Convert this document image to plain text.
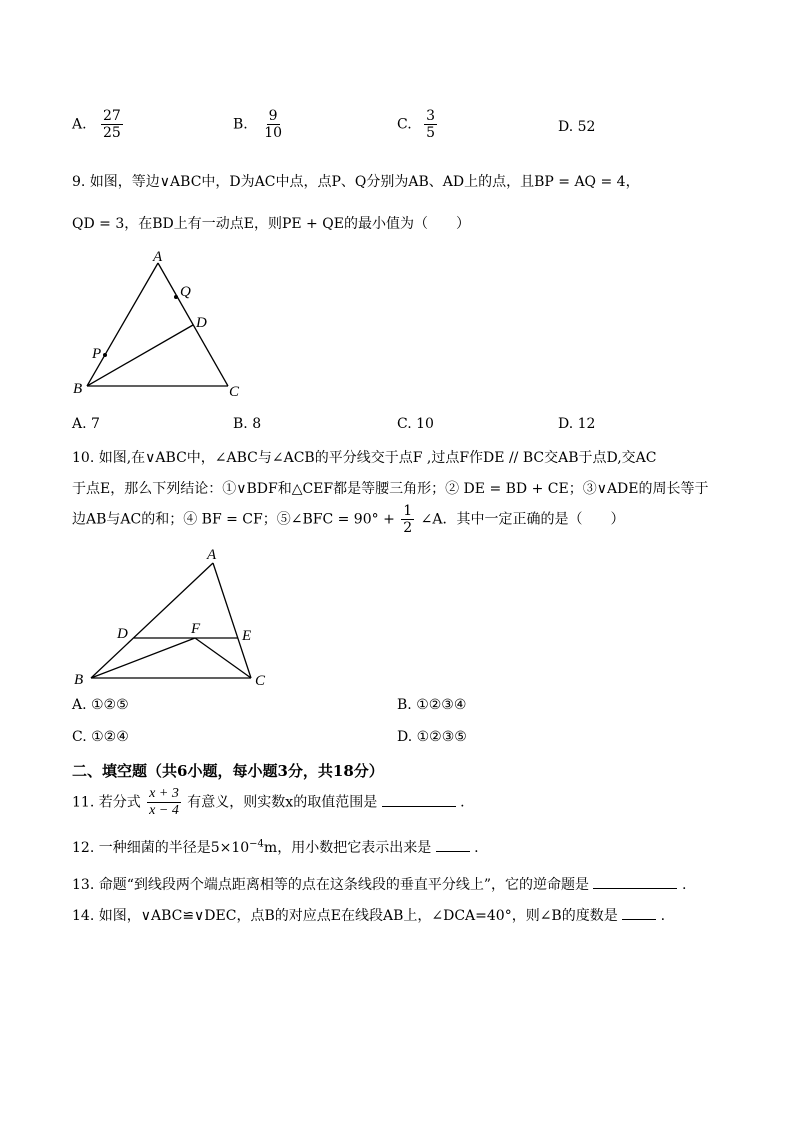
A. $\frac{27}{25}$	B. $\frac{9}{10}$	C. $\frac{3}{5}$	D. 52
9. 如图，等边∨ABC中，D为AC中点，点P、Q分别为AB、AD上的点，且BP = AQ = 4，
QD = 3，在BD上有一动点E，则PE + QE的最小值为（　　）
A
Q
D
P
B	C
A. 7	B. 8	C. 10	D. 12
10. 如图,在∨ABC中，∠ABC与∠ACB的平分线交于点F ,过点F作DE // BC交AB于点D,交AC
于点E，那么下列结论：①∨BDF和△CEF都是等腰三角形；② DE = BD + CE；③∨ADE的周长等于
边AB与AC的和；④ BF = CF；⑤∠BFC = $90^\circ + \frac{1}{2}$ ∠A．其中一定正确的是（　　）
A
D	F	E
B	C
A. ①②⑤	B. ①②③④
C. ①②④	D. ①②③⑤
二、填空题（共6小题，每小题3分，共18分）
11. 若分式 $\frac{x + 3}{x - 4}$ 有意义，则实数x的取值范围是	.
12. 一种细菌的半径是$5\times 10^{-4}m$，用小数把它表示出来是	.
13. 命题“到线段两个端点距离相等的点在这条线段的垂直平分线上”，它的逆命题是	.
14. 如图，∨ABC≌∨DEC，点B的对应点E在线段AB上，∠DCA=40°，则∠B的度数是	.
